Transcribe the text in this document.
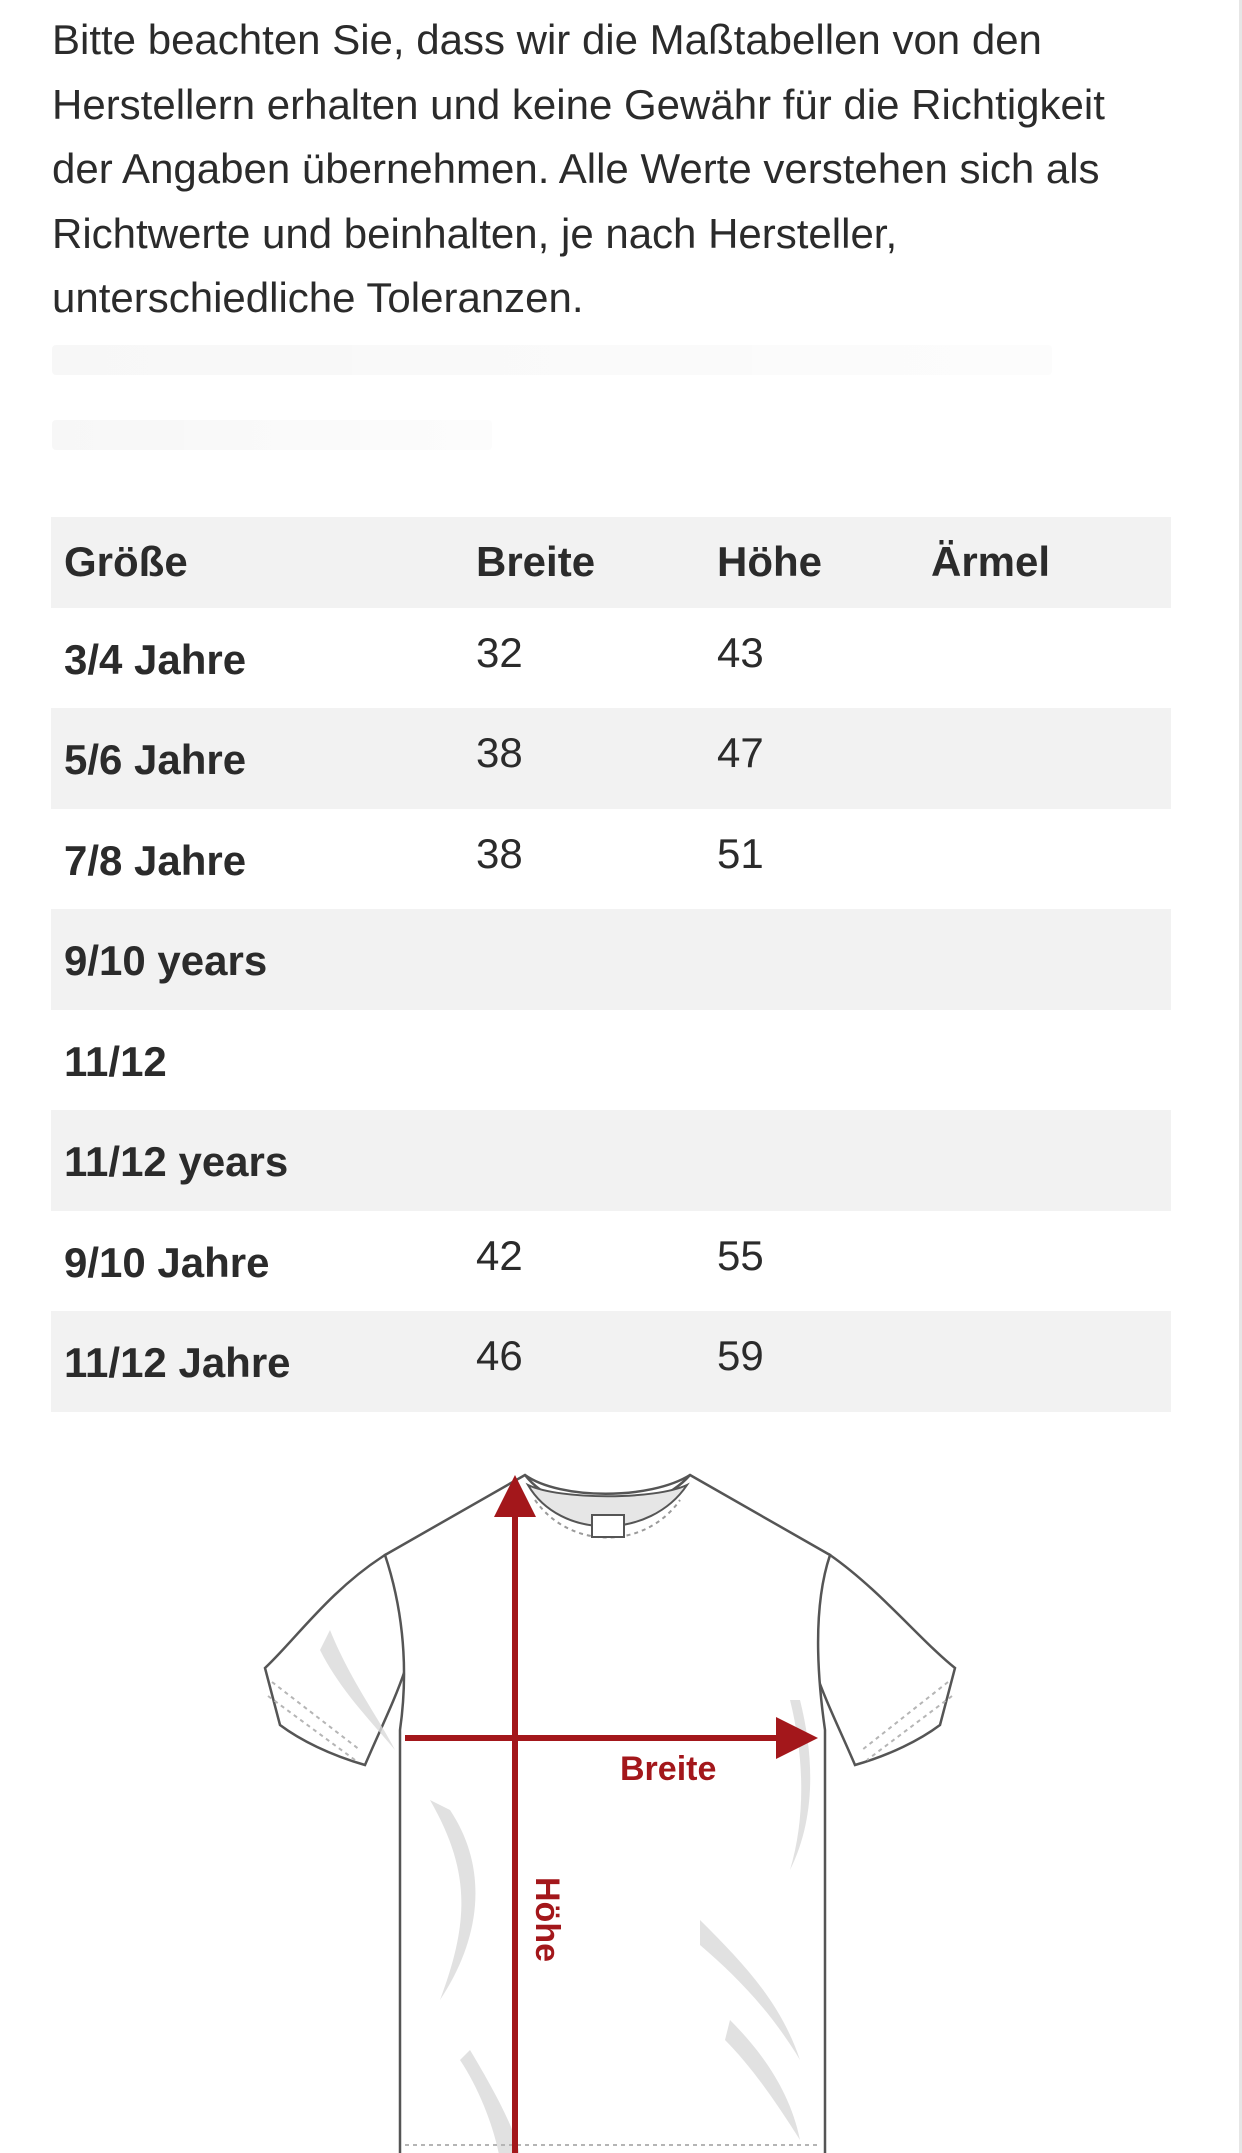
Bitte beachten Sie, dass wir die Maßtabellen von den Herstellern erhalten und keine Gewähr für die Richtigkeit der Angaben übernehmen. Alle Werte verstehen sich als Richtwerte und beinhalten, je nach Hersteller, unterschiedliche Toleranzen.

Größe	Breite	Höhe	Ärmel
3/4 Jahre	32	43	
5/6 Jahre	38	47	
7/8 Jahre	38	51	
9/10 years			
11/12			
11/12 years			
9/10 Jahre	42	55	
11/12 Jahre	46	59	
Breite
Höhe
